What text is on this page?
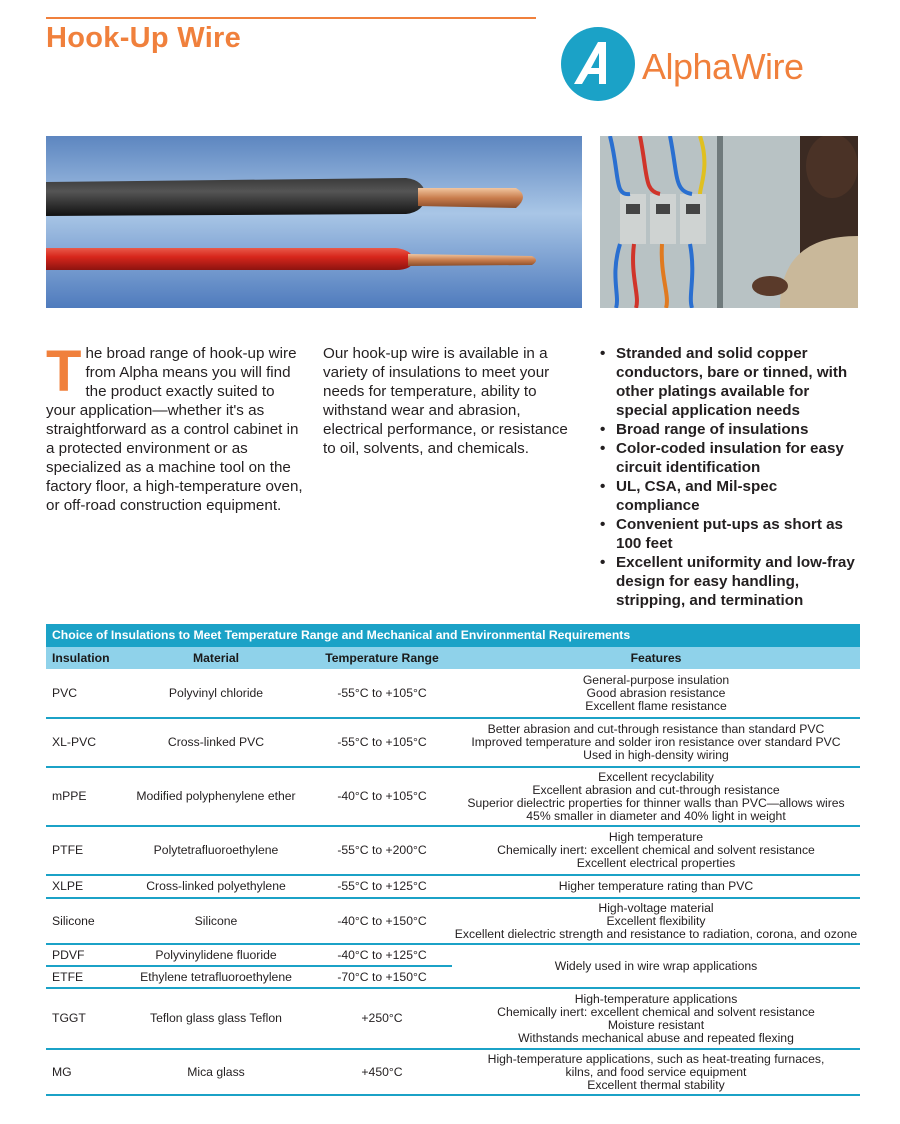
Hook-Up Wire
AlphaWire
The broad range of hook-up wire from Alpha means you will find the product exactly suited to your application—whether it's as straightforward as a control cabinet in a protected environment or as specialized as a machine tool on the factory floor, a high-temperature oven, or off-road construction equipment.
Our hook-up wire is available in a variety of insulations to meet your needs for temperature, ability to withstand wear and abrasion, electrical performance, or resistance to oil, solvents, and chemicals.
• Stranded and solid copper conductors, bare or tinned, with other platings available for special application needs
• Broad range of insulations
• Color-coded insulation for easy circuit identification
• UL, CSA, and Mil-spec compliance
• Convenient put-ups as short as 100 feet
• Excellent uniformity and low-fray design for easy handling, stripping, and termination
Choice of Insulations to Meet Temperature Range and Mechanical and Environmental Requirements			
Insulation	Material	Temperature Range	Features
PVC	Polyvinyl chloride	-55°C to +105°C	General-purpose insulation
Good abrasion resistance
Excellent flame resistance

XL-PVC	Cross-linked PVC	-55°C to +105°C	Better abrasion and cut-through resistance than standard PVC
Improved temperature and solder iron resistance over standard PVC
Used in high-density wiring

mPPE	Modified polyphenylene ether	-40°C to +105°C	Excellent recyclability
Excellent abrasion and cut-through resistance
Superior dielectric properties for thinner walls than PVC—allows wires
45% smaller in diameter and 40% light in weight

PTFE	Polytetrafluoroethylene	-55°C to +200°C	High temperature
Chemically inert: excellent chemical and solvent resistance
Excellent electrical properties

XLPE	Cross-linked polyethylene	-55°C to +125°C	Higher temperature rating than PVC

Silicone	Silicone	-40°C to +150°C	High-voltage material
Excellent flexibility
Excellent dielectric strength and resistance to radiation, corona, and ozone

PDVF	Polyvinylidene fluoride	-40°C to +125°C	Widely used in wire wrap applications

ETFE	Ethylene tetrafluoroethylene	-70°C to +150°C	
TGGT	Teflon glass glass Teflon	+250°C	High-temperature applications
Chemically inert: excellent chemical and solvent resistance
Moisture resistant
Withstands mechanical abuse and repeated flexing

MG	Mica glass	+450°C	High-temperature applications, such as heat-treating furnaces,
kilns, and food service equipment
Excellent thermal stability
